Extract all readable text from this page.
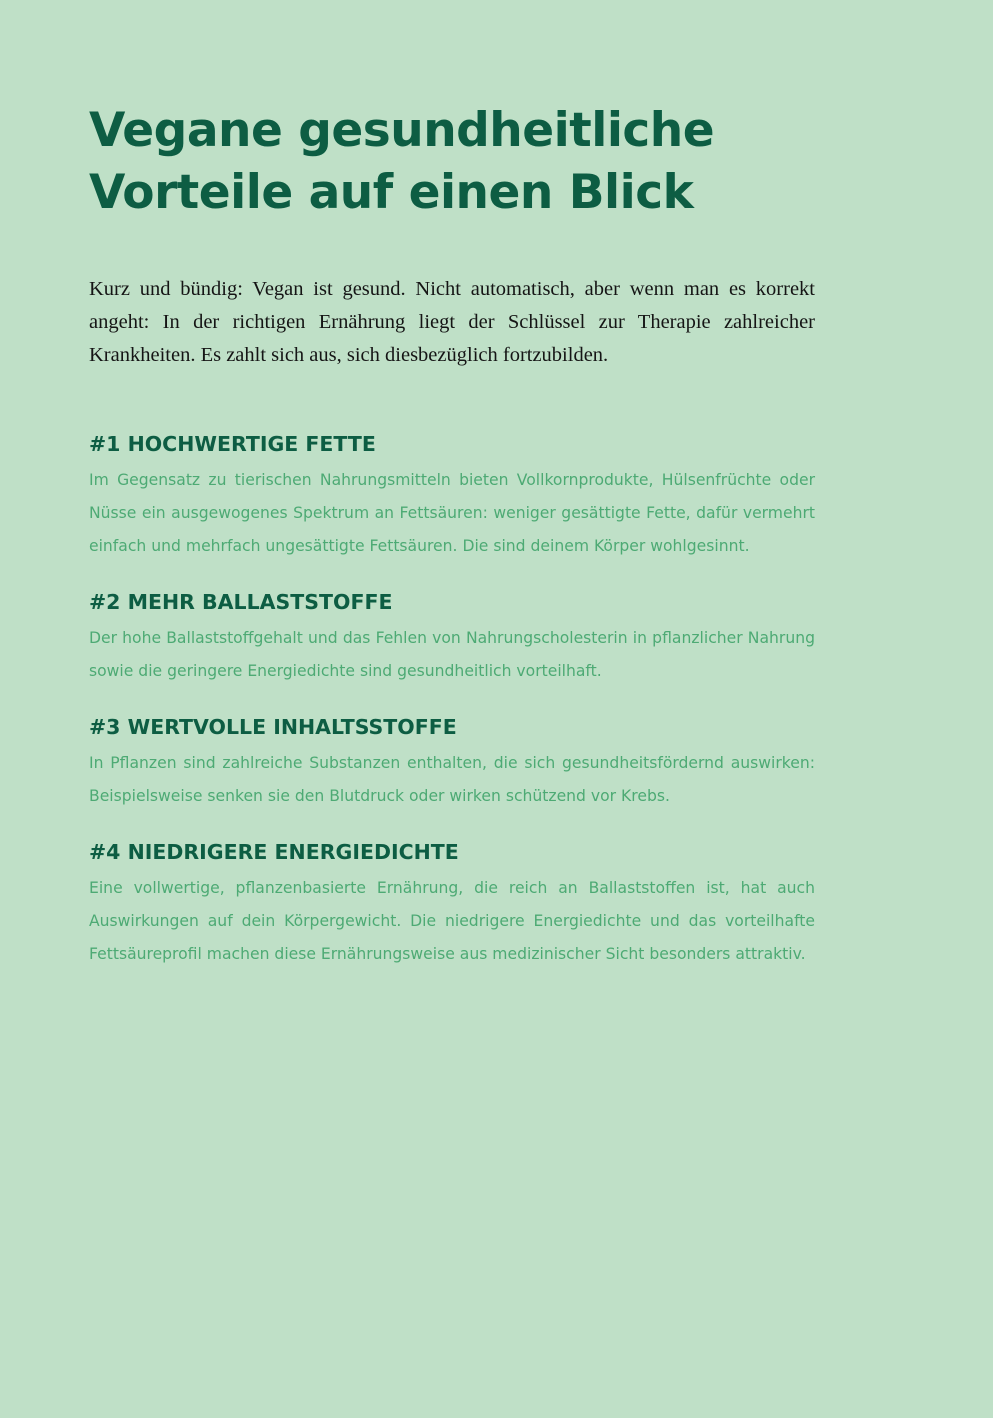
Vegane gesundheitliche Vorteile auf einen Blick

Kurz und bündig: Vegan ist gesund. Nicht automatisch, aber wenn man es korrekt angeht: In der richtigen Ernährung liegt der Schlüssel zur Therapie zahlreicher Krankheiten. Es zahlt sich aus, sich diesbezüglich fortzubilden.

#1 HOCHWERTIGE FETTE

Im Gegensatz zu tierischen Nahrungsmitteln bieten Vollkornprodukte, Hülsenfrüchte oder Nüsse ein ausgewogenes Spektrum an Fettsäuren: weniger gesättigte Fette, dafür vermehrt einfach und mehrfach ungesättigte Fettsäuren. Die sind deinem Körper wohlgesinnt.

#2 MEHR BALLASTSTOFFE

Der hohe Ballaststoffgehalt und das Fehlen von Nahrungscholesterin in pflanzlicher Nahrung sowie die geringere Energiedichte sind gesundheitlich vorteilhaft.

#3 WERTVOLLE INHALTSSTOFFE

In Pflanzen sind zahlreiche Substanzen enthalten, die sich gesundheitsfördernd auswirken: Beispielsweise senken sie den Blutdruck oder wirken schützend vor Krebs.

#4 NIEDRIGERE ENERGIEDICHTE

Eine vollwertige, pflanzenbasierte Ernährung, die reich an Ballaststoffen ist, hat auch Auswirkungen auf dein Körpergewicht. Die niedrigere Energiedichte und das vorteilhafte Fettsäureprofil machen diese Ernährungsweise aus medizinischer Sicht besonders attraktiv.
